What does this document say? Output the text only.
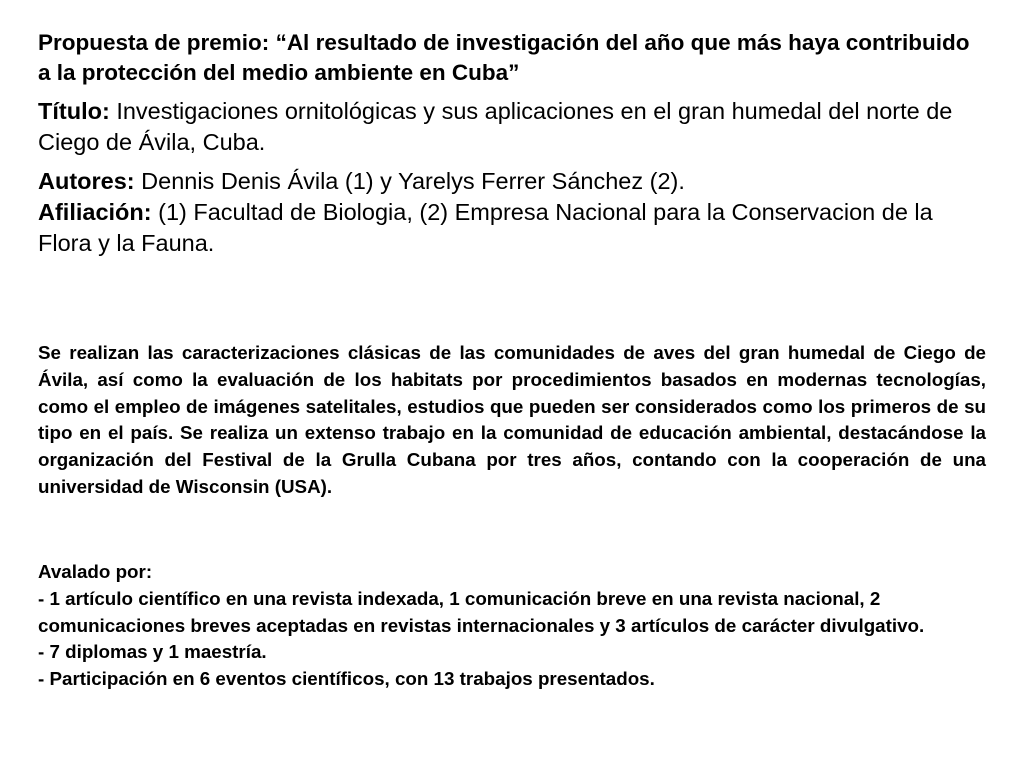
Propuesta de premio: “Al resultado de investigación del año que más haya contribuido a la protección del medio ambiente en Cuba”

Título: Investigaciones ornitológicas y sus aplicaciones en el gran humedal del norte de Ciego de Ávila, Cuba.

Autores: Dennis Denis Ávila (1) y Yarelys Ferrer Sánchez (2).

Afiliación: (1) Facultad de Biologia, (2) Empresa Nacional para la Conservacion de la Flora y la Fauna.

Se realizan las caracterizaciones clásicas de las comunidades de aves del gran humedal de Ciego de Ávila, así como la evaluación de los habitats por procedimientos basados en modernas tecnologías, como el empleo de imágenes satelitales, estudios que pueden ser considerados como los primeros de su tipo en el país. Se realiza un extenso trabajo en la comunidad de educación ambiental, destacándose la organización del Festival de la Grulla Cubana por tres años, contando con la cooperación de una universidad de Wisconsin (USA).

Avalado por:
- 1 artículo científico en una revista indexada, 1 comunicación breve en una revista nacional, 2 comunicaciones breves aceptadas en revistas internacionales y 3 artículos de carácter divulgativo.
- 7 diplomas y 1 maestría.
- Participación en 6 eventos científicos, con 13 trabajos presentados.
